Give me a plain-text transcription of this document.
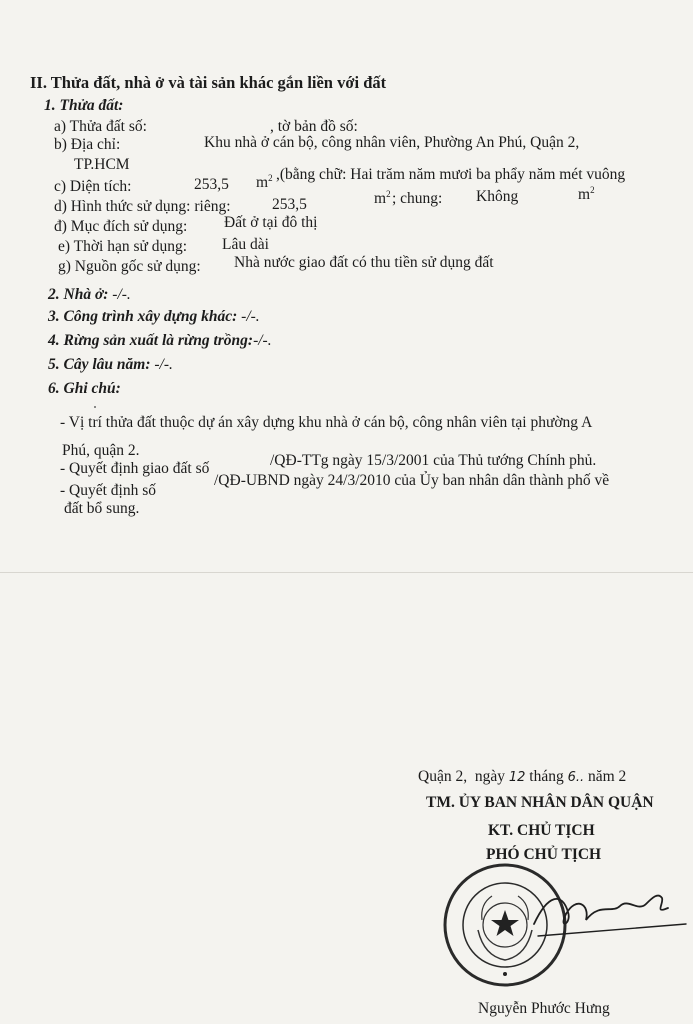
II. Thửa đất, nhà ở và tài sản khác gắn liền với đất
1. Thửa đất:
a) Thửa đất số:	, tờ bản đồ số:
b) Địa chỉ:	Khu nhà ở cán bộ, công nhân viên, Phường An Phú, Quận 2,
TP.HCM
c) Diện tích:	253,5 $m^2$ ,(bằng chữ: Hai trăm năm mươi ba phẩy năm mét vuông
d) Hình thức sử dụng: riêng:	253,5	$m^2$ ; chung: Không	$m^2$
đ) Mục đích sử dụng: Đất ở tại đô thị
e) Thời hạn sử dụng: Lâu dài
g) Nguồn gốc sử dụng: Nhà nước giao đất có thu tiền sử dụng đất
2. Nhà ở: -/-.
3. Công trình xây dựng khác: -/-.
4. Rừng sản xuất là rừng trồng:-/-.
5. Cây lâu năm: -/-.
6. Ghi chú:
- Vị trí thửa đất thuộc dự án xây dựng khu nhà ở cán bộ, công nhân viên tại phường A
Phú, quận 2.
- Quyết định giao đất số	/QĐ-TTg ngày 15/3/2001 của Thủ tướng Chính phủ.
- Quyết định số
/QĐ-UBND ngày 24/3/2010 của Ủy ban nhân dân thành phố về
đất bổ sung.
Quận 2, ngày 12 tháng 6.. năm 2
TM. ỦY BAN NHÂN DÂN QUẬN
KT. CHỦ TỊCH
PHÓ CHỦ TỊCH
Nguyễn Phước Hưng
